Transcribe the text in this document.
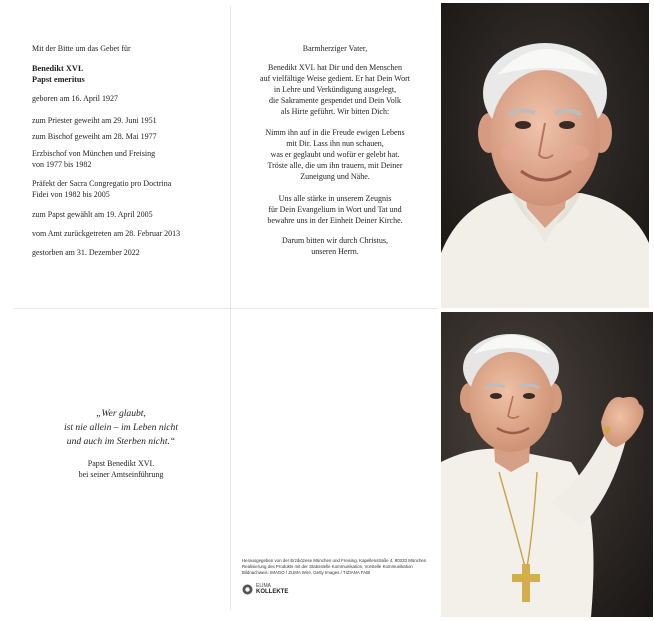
Mit der Bitte um das Gebet für
Benedikt XVI.
Papst emeritus
geboren am 16. April 1927
zum Priester geweiht am 29. Juni 1951
zum Bischof geweiht am 28. Mai 1977
Erzbischof von München und Freising
von 1977 bis 1982
Präfekt der Sacra Congregatio pro Doctrina
Fidei von 1982 bis 2005
zum Papst gewählt am 19. April 2005
vom Amt zurückgetreten am 28. Februar 2013
gestorben am 31. Dezember 2022
Barmherziger Vater,
Benedikt XVI. hat Dir und den Menschen
auf vielfältige Weise gedient. Er hat Dein Wort
in Lehre und Verkündigung ausgelegt,
die Sakramente gespendet und Dein Volk
als Hirte geführt. Wir bitten Dich:
Nimm ihn auf in die Freude ewigen Lebens
mit Dir. Lass ihn nun schauen,
was er geglaubt und wofür er gelebt hat.
Tröste alle, die um ihn trauern, mit Deiner
Zuneigung und Nähe.
Uns alle stärke in unserem Zeugnis
für Dein Evangelium in Wort und Tat und
bewahre uns in der Einheit Deiner Kirche.
Darum bitten wir durch Christus,
unseren Herrn.
„Wer glaubt,
ist nie allein – im Leben nicht
und auch im Sterben nicht.“
Papst Benedikt XVI.
bei seiner Amtseinführung
Herausgegeben von der Erzdiözese München und Freising, Kapellenstraße 4, 80333 München
Realisierung des Produkts mit der Stabsstelle Kommunikation, Vorstelle Kommunikation
Bildnachweis: IMAGO / ZUMA Wire, Getty Images / TIZIANA FABI
ELIMA
KOLLEKTE
